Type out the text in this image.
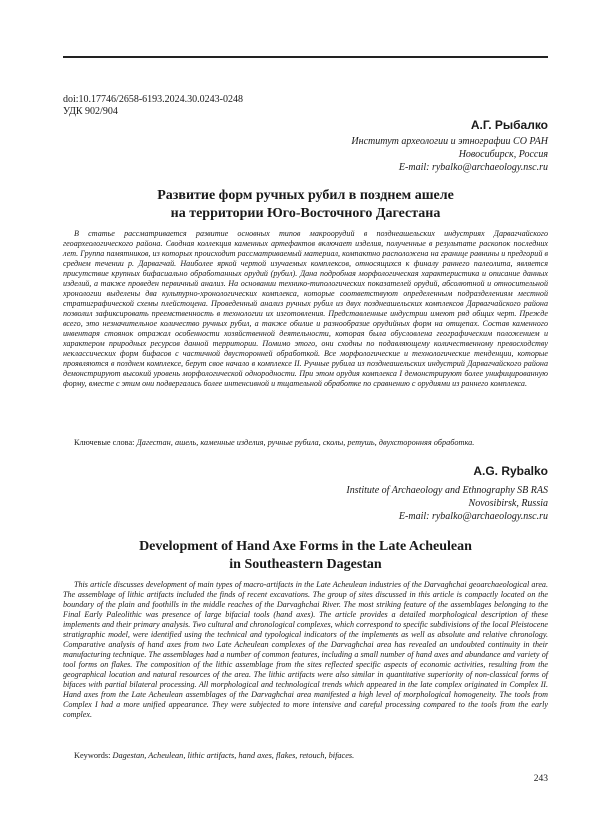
doi:10.17746/2658-6193.2024.30.0243-0248
УДК 902/904
А.Г. Рыбалко
Институт археологии и этнографии СО РАН
Новосибирск, Россия
E-mail: rybalko@archaeology.nsc.ru
Развитие форм ручных рубил в позднем ашеле
на территории Юго-Восточного Дагестана
В статье рассматривается развитие основных типов макроорудий в позднеашельских индустриях Дарвагчайского геоархеологического района. Сводная коллекция каменных артефактов включает изделия, полученные в результате раскопок последних лет. Группа памятников, из которых происходит рассматриваемый материал, компактно расположена на границе равнины и предгорий в среднем течении р. Дарвагчай. Наиболее яркой чертой изучаемых комплексов, относящихся к финалу раннего палеолита, является присутствие крупных бифасиально обработанных орудий (рубил). Дана подробная морфологическая характеристика и описание данных изделий, а также проведен первичный анализ. На основании технико-типологических показателей орудий, абсолютной и относительной хронологии выделены два культурно-хронологических комплекса, которые соответствуют определенным подразделениям местной стратиграфической схемы плейстоцена. Проведенный анализ ручных рубил из двух позднеашельских комплексов Дарвагчайского района позволил зафиксировать преемственность в технологии их изготовления. Представленные индустрии имеют ряд общих черт. Прежде всего, это незначительное количество ручных рубил, а также обилие и разнообразие орудийных форм на отщепах. Состав каменного инвентаря стоянок отражал особенности хозяйственной деятельности, которая была обусловлена географическим положением и характером природных ресурсов данной территории. Помимо этого, они сходны по подавляющему количественному превосходству неклассических форм бифасов с частичной двусторонней обработкой. Все морфологические и технологические тенденции, которые проявляются в позднем комплексе, берут свое начало в комплексе II. Ручные рубила из позднеашельских индустрий Дарвагчайского района демонстрируют высокий уровень морфологической однородности. При этом орудия комплекса I демонстрируют более унифицированную форму, вместе с этим они подвергались более интенсивной и тщательной обработке по сравнению с орудиями из раннего комплекса.
Ключевые слова: Дагестан, ашель, каменные изделия, ручные рубила, сколы, ретушь, двухсторонняя обработка.
A.G. Rybalko
Institute of Archaeology and Ethnography SB RAS
Novosibirsk, Russia
E-mail: rybalko@archaeology.nsc.ru
Development of Hand Axe Forms in the Late Acheulean
in Southeastern Dagestan
This article discusses development of main types of macro-artifacts in the Late Acheulean industries of the Darvaghchai geoarchaeological area. The assemblage of lithic artifacts included the finds of recent excavations. The group of sites discussed in this article is compactly located on the boundary of the plain and foothills in the middle reaches of the Darvaghchai River. The most striking feature of the assemblages belonging to the Final Early Paleolithic was presence of large bifacial tools (hand axes). The article provides a detailed morphological description of these implements and their primary analysis. Two cultural and chronological complexes, which correspond to specific subdivisions of the local Pleistocene stratigraphic model, were identified using the technical and typological indicators of the implements as well as absolute and relative chronology. Comparative analysis of hand axes from two Late Acheulean complexes of the Darvaghchai area has revealed an undoubted continuity in their manufacturing technique. The assemblages had a number of common features, including a small number of hand axes and abundance and variety of tool forms on flakes. The composition of the lithic assemblage from the sites reflected specific aspects of economic activities, resulting from the geographical location and natural resources of the area. The lithic artifacts were also similar in quantitative superiority of non-classical forms of bifaces with partial bilateral processing. All morphological and technological trends which appeared in the late complex originated in Complex II. Hand axes from the Late Acheulean assemblages of the Darvaghchai area manifested a high level of morphological homogeneity. The tools from Complex I had a more unified appearance. They were subjected to more intensive and careful processing compared to the tools from the early complex.
Keywords: Dagestan, Acheulean, lithic artifacts, hand axes, flakes, retouch, bifaces.
243
